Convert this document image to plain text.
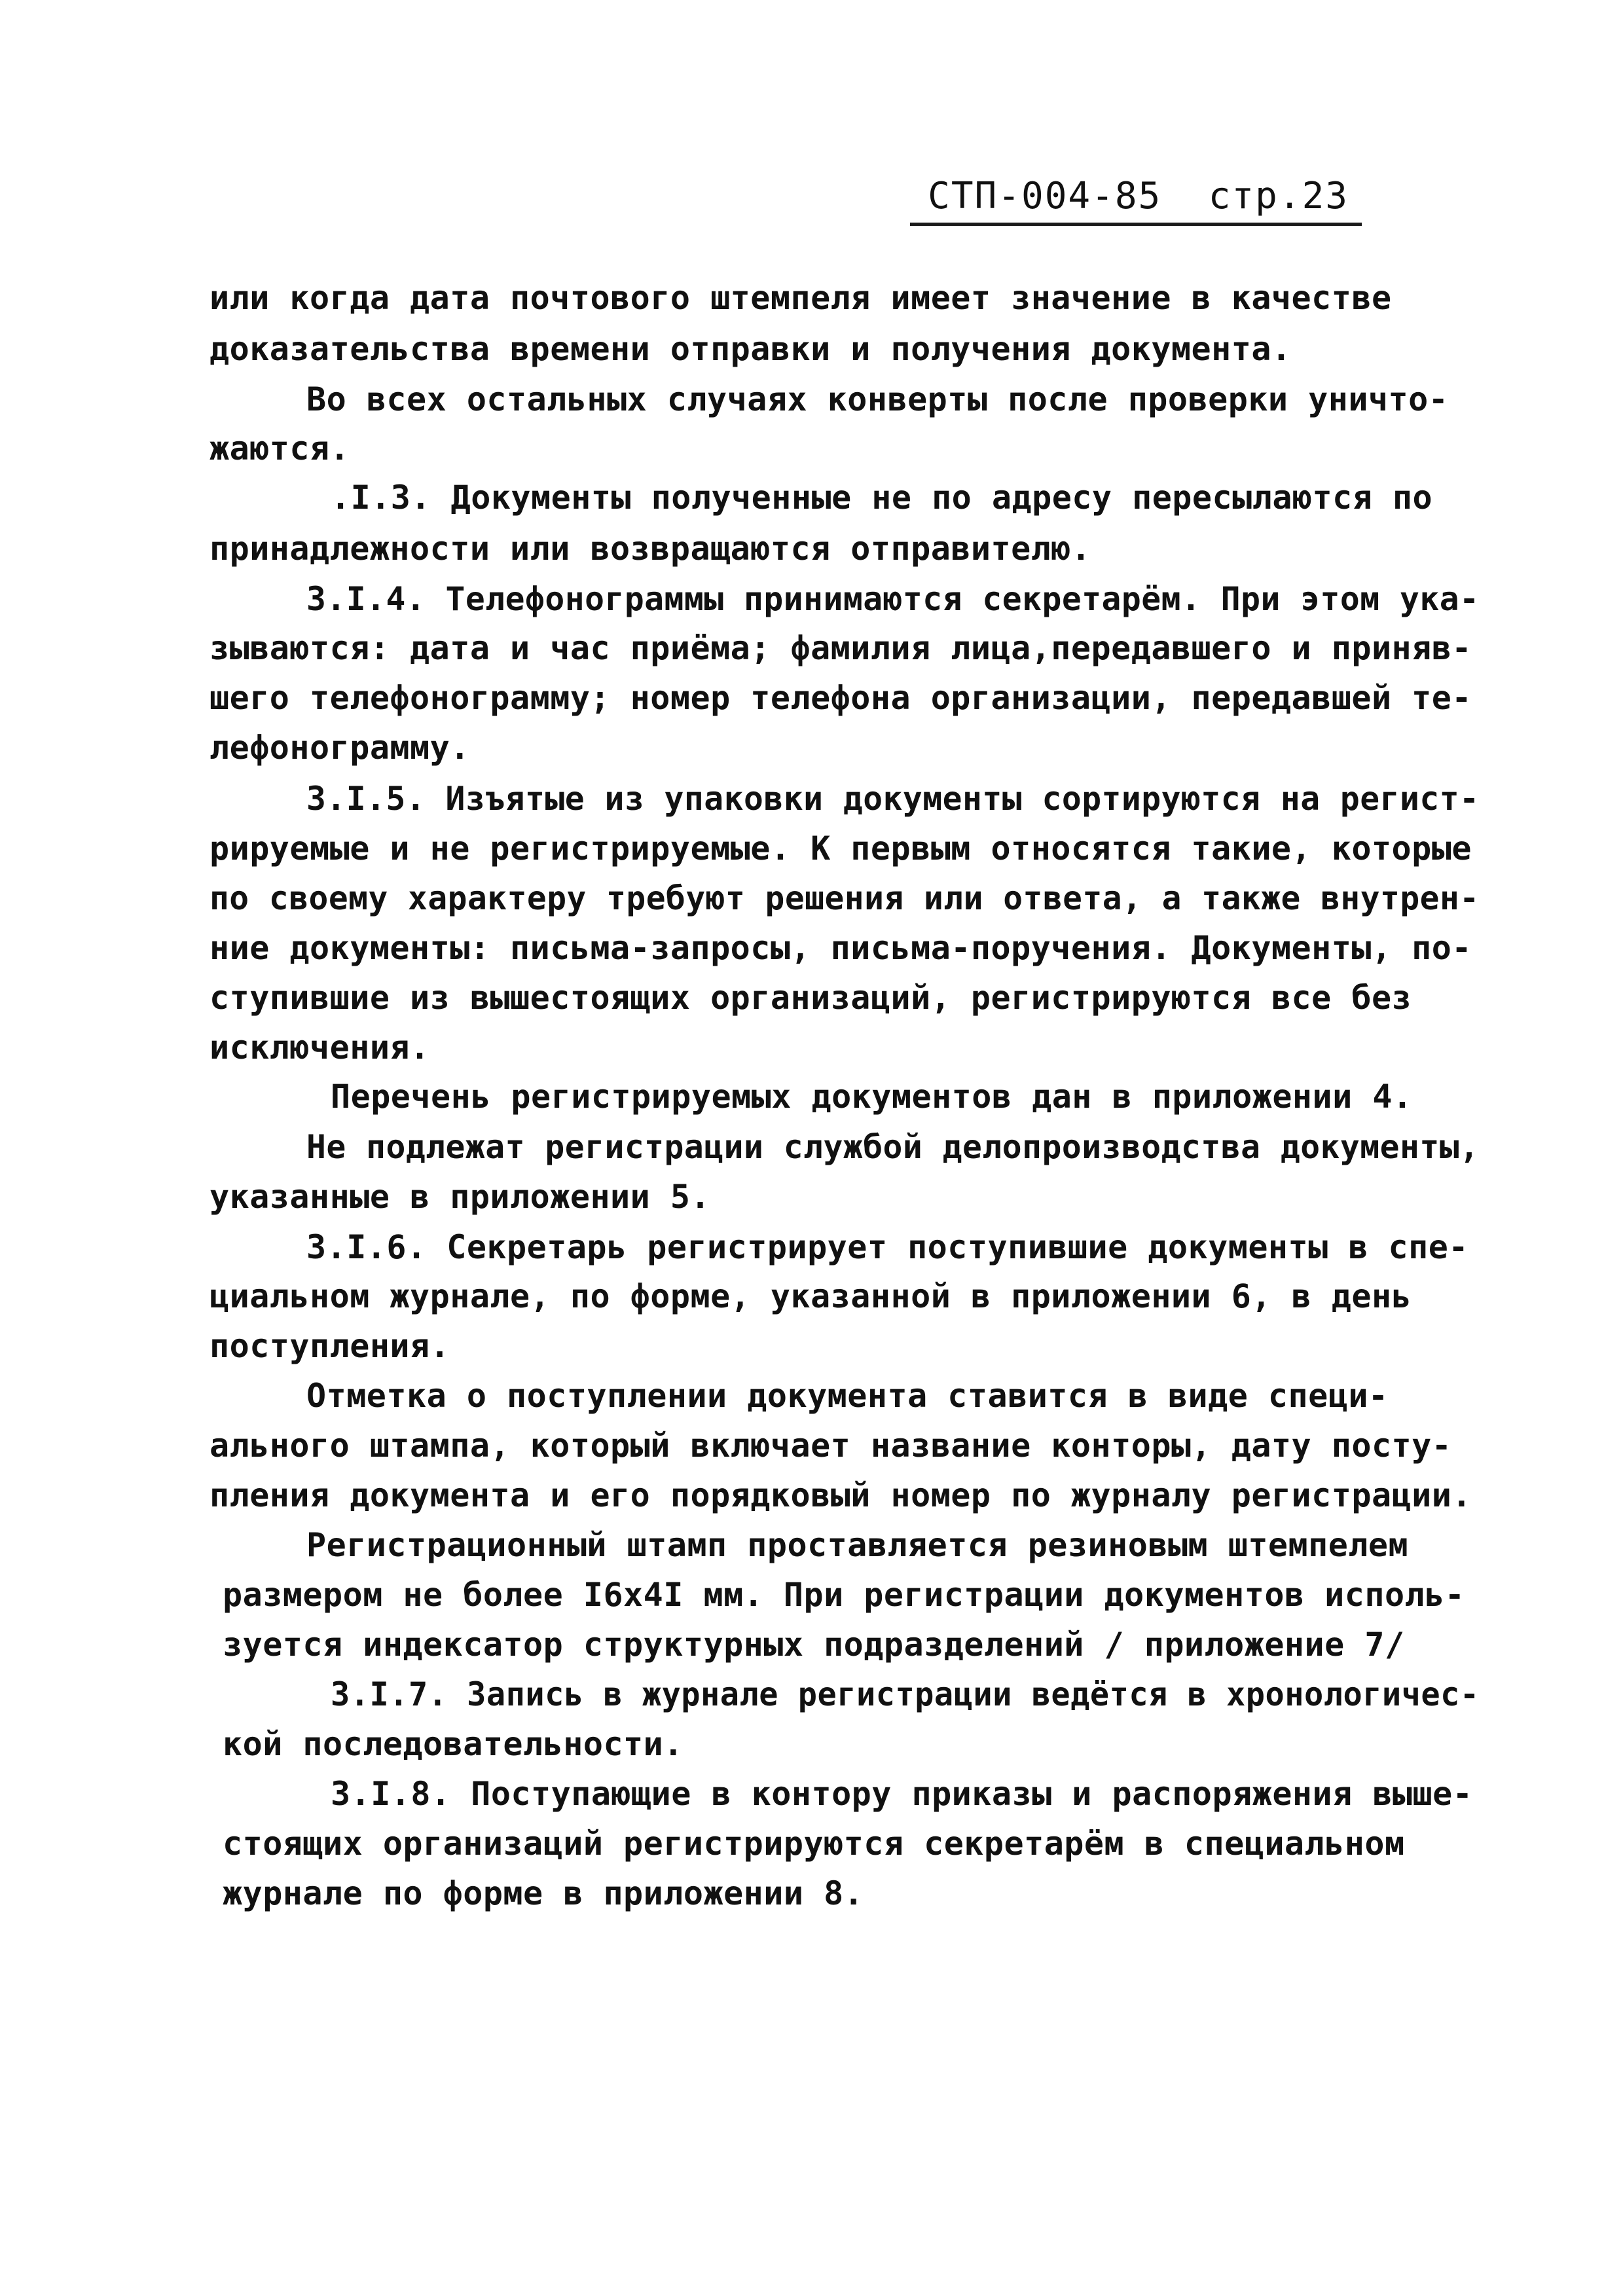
СТП-004-85  стр.23
или когда дата почтового штемпеля имеет значение в качестве
доказательства времени отправки и получения документа.
Во всех остальных случаях конверты после проверки уничто-
жаются.
.I.3. Документы полученные не по адресу пересылаются по
принадлежности или возвращаются отправителю.
3.I.4. Телефонограммы принимаются секретарём. При этом ука-
зываются: дата и час приёма; фамилия лица,передавшего и приняв-
шего телефонограмму; номер телефона организации, передавшей те-
лефонограмму.
3.I.5. Изъятые из упаковки документы сортируются на регист-
рируемые и не регистрируемые. К первым относятся такие, которые
по своему характеру требуют решения или ответа, а также внутрен-
ние документы: письма-запросы, письма-поручения. Документы, по-
ступившие из вышестоящих организаций, регистрируются все без
исключения.
Перечень регистрируемых документов дан в приложении 4.
Не подлежат регистрации службой делопроизводства документы,
указанные в приложении 5.
3.I.6. Секретарь регистрирует поступившие документы в спе-
циальном журнале, по форме, указанной в приложении 6, в день
поступления.
Отметка о поступлении документа ставится в виде специ-
ального штампа, который включает название конторы, дату посту-
пления документа и его порядковый номер по журналу регистрации.
Регистрационный штамп проставляется резиновым штемпелем
размером не более I6x4I мм. При регистрации документов исполь-
зуется индексатор структурных подразделений / приложение 7/
3.I.7. Запись в журнале регистрации ведётся в хронологичес-
кой последовательности.
3.I.8. Поступающие в контору приказы и распоряжения выше-
стоящих организаций регистрируются секретарём в специальном
журнале по форме в приложении 8.
